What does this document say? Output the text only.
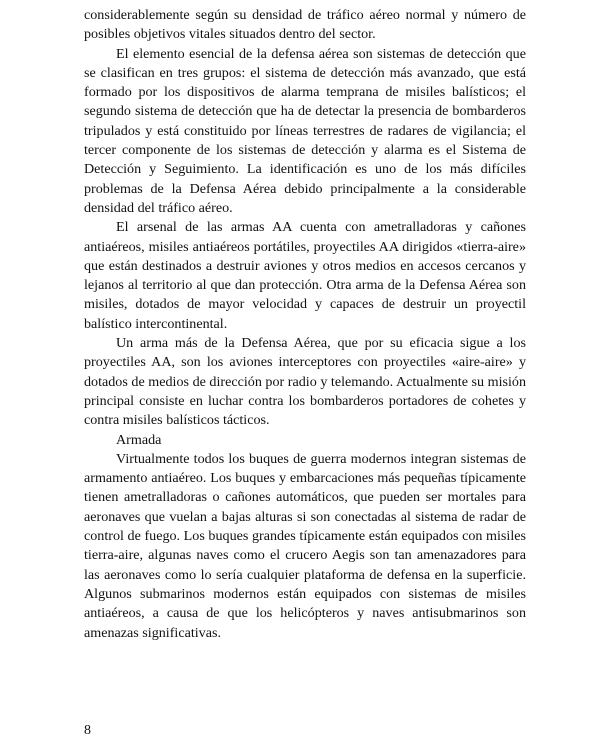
considerablemente según su densidad de tráfico aéreo normal y número de posibles objetivos vitales situados dentro del sector.

El elemento esencial de la defensa aérea son sistemas de detección que se clasifican en tres grupos: el sistema de detección más avanzado, que está formado por los dispositivos de alarma temprana de misiles balísticos; el segundo sistema de detección que ha de detectar la presencia de bombarderos tripulados y está constituido por líneas terrestres de radares de vigilancia; el tercer componente de los sistemas de detección y alarma es el Sistema de Detección y Seguimiento. La identificación es uno de los más difíciles problemas de la Defensa Aérea debido principalmente a la considerable densidad del tráfico aéreo.

El arsenal de las armas AA cuenta con ametralladoras y cañones antiaéreos, misiles antiaéreos portátiles, proyectiles AA dirigidos «tierra-aire» que están destinados a destruir aviones y otros medios en accesos cercanos y lejanos al territorio al que dan protección. Otra arma de la Defensa Aérea son misiles, dotados de mayor velocidad y capaces de destruir un proyectil balístico intercontinental.

Un arma más de la Defensa Aérea, que por su eficacia sigue a los proyectiles AA, son los aviones interceptores con proyectiles «aire-aire» y dotados de medios de dirección por radio y telemando. Actualmente su misión principal consiste en luchar contra los bombarderos portadores de cohetes y contra misiles balísticos tácticos.

Armada

Virtualmente todos los buques de guerra modernos integran sistemas de armamento antiaéreo. Los buques y embarcaciones más pequeñas típicamente tienen ametralladoras o cañones automáticos, que pueden ser mortales para aeronaves que vuelan a bajas alturas si son conectadas al sistema de radar de control de fuego. Los buques grandes típicamente están equipados con misiles tierra-aire, algunas naves como el crucero Aegis son tan amenazadores para las aeronaves como lo sería cualquier plataforma de defensa en la superficie. Algunos submarinos modernos están equipados con sistemas de misiles antiaéreos, a causa de que los helicópteros y naves antisubmarinos son amenazas significativas.

8
